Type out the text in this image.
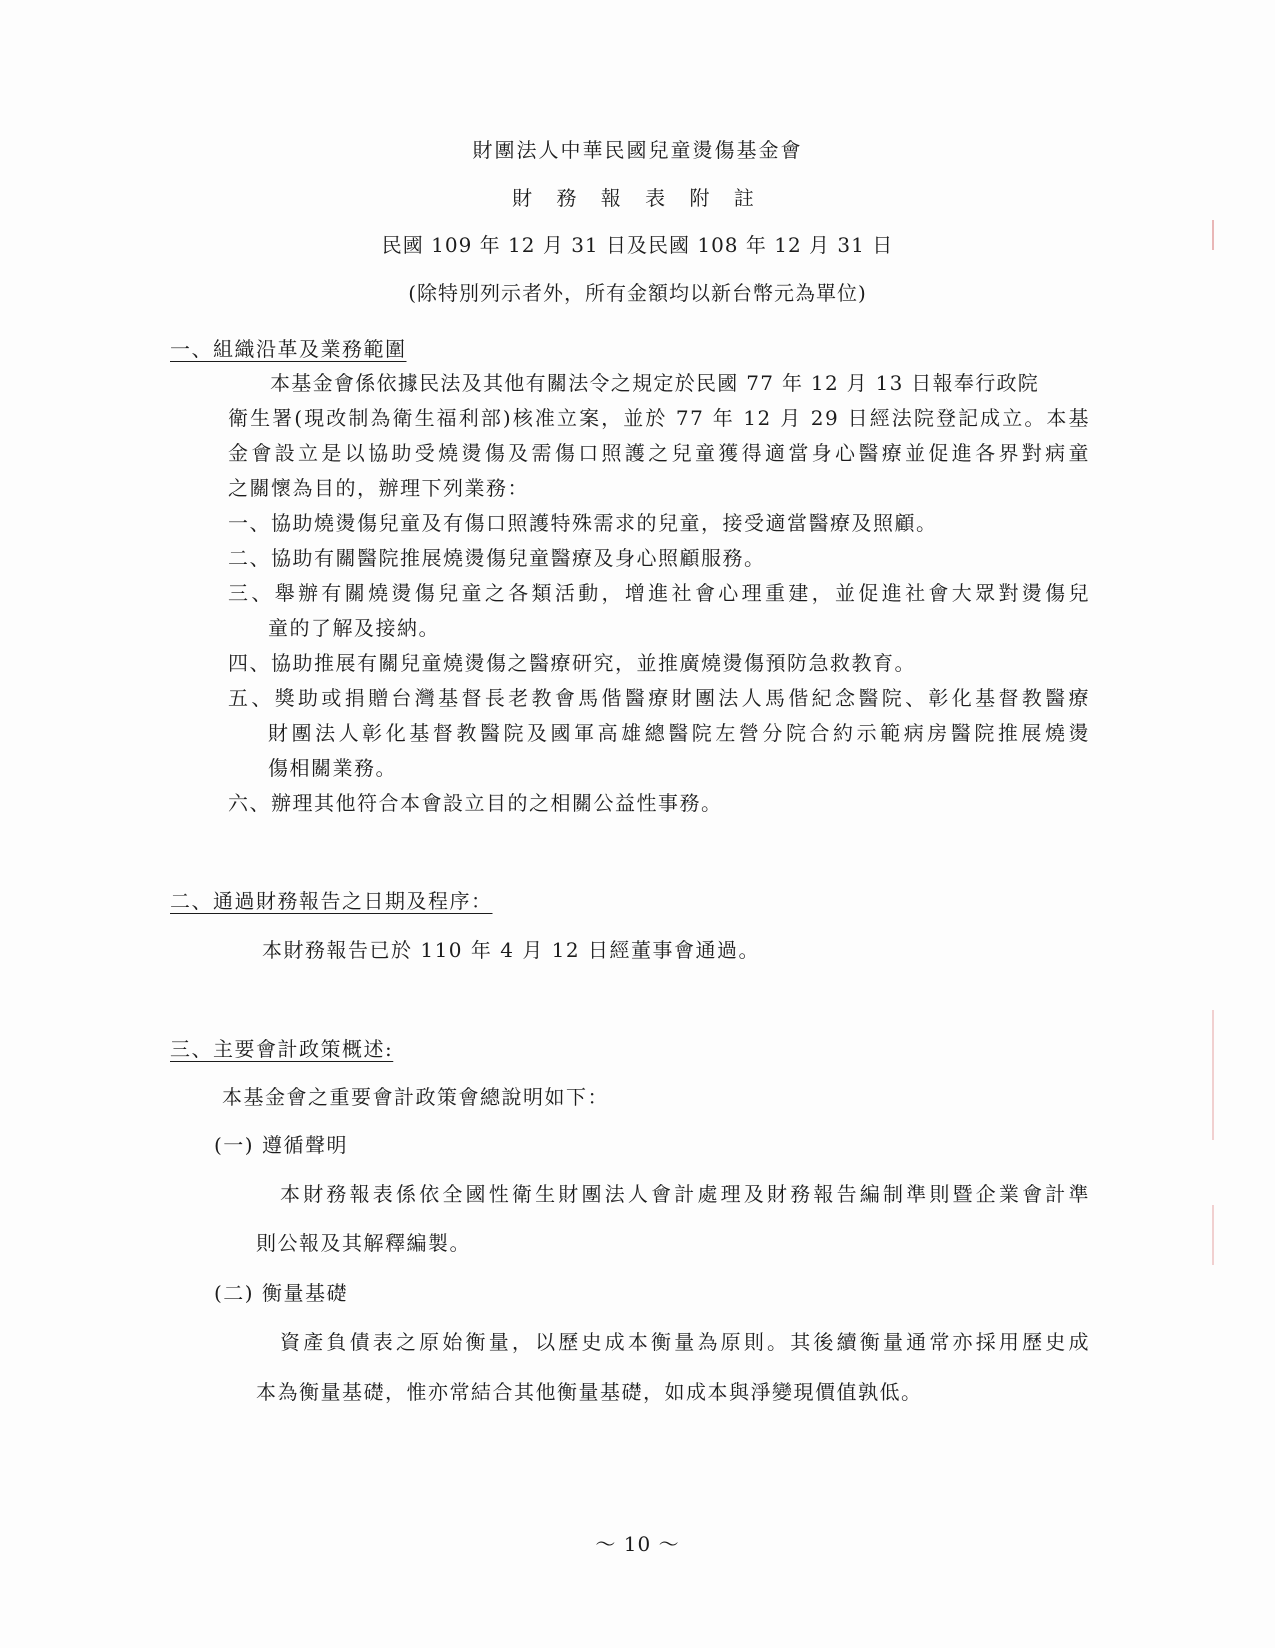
財團法人中華民國兒童燙傷基金會
財 務 報 表 附 註
民國 109 年 12 月 31 日及民國 108 年 12 月 31 日
(除特別列示者外，所有金額均以新台幣元為單位)
一、組織沿革及業務範圍
本基金會係依據民法及其他有關法令之規定於民國 77 年 12 月 13 日報奉行政院
衛生署(現改制為衛生福利部)核准立案，並於 77 年 12 月 29 日經法院登記成立。本基
金會設立是以協助受燒燙傷及需傷口照護之兒童獲得適當身心醫療並促進各界對病童
之關懷為目的，辦理下列業務：
一、協助燒燙傷兒童及有傷口照護特殊需求的兒童，接受適當醫療及照顧。
二、協助有關醫院推展燒燙傷兒童醫療及身心照顧服務。
三、舉辦有關燒燙傷兒童之各類活動，增進社會心理重建，並促進社會大眾對燙傷兒
童的了解及接納。
四、協助推展有關兒童燒燙傷之醫療研究，並推廣燒燙傷預防急救教育。
五、獎助或捐贈台灣基督長老教會馬偕醫療財團法人馬偕紀念醫院、彰化基督教醫療
財團法人彰化基督教醫院及國軍高雄總醫院左營分院合約示範病房醫院推展燒燙
傷相關業務。
六、辦理其他符合本會設立目的之相關公益性事務。
二、通過財務報告之日期及程序：
本財務報告已於 110 年 4 月 12 日經董事會通過。
三、主要會計政策概述:
本基金會之重要會計政策會總說明如下：
(一) 遵循聲明
本財務報表係依全國性衛生財團法人會計處理及財務報告編制準則暨企業會計準
則公報及其解釋編製。
(二) 衡量基礎
資產負債表之原始衡量，以歷史成本衡量為原則。其後續衡量通常亦採用歷史成
本為衡量基礎，惟亦常結合其他衡量基礎，如成本與淨變現價值孰低。
～ 10 ～
